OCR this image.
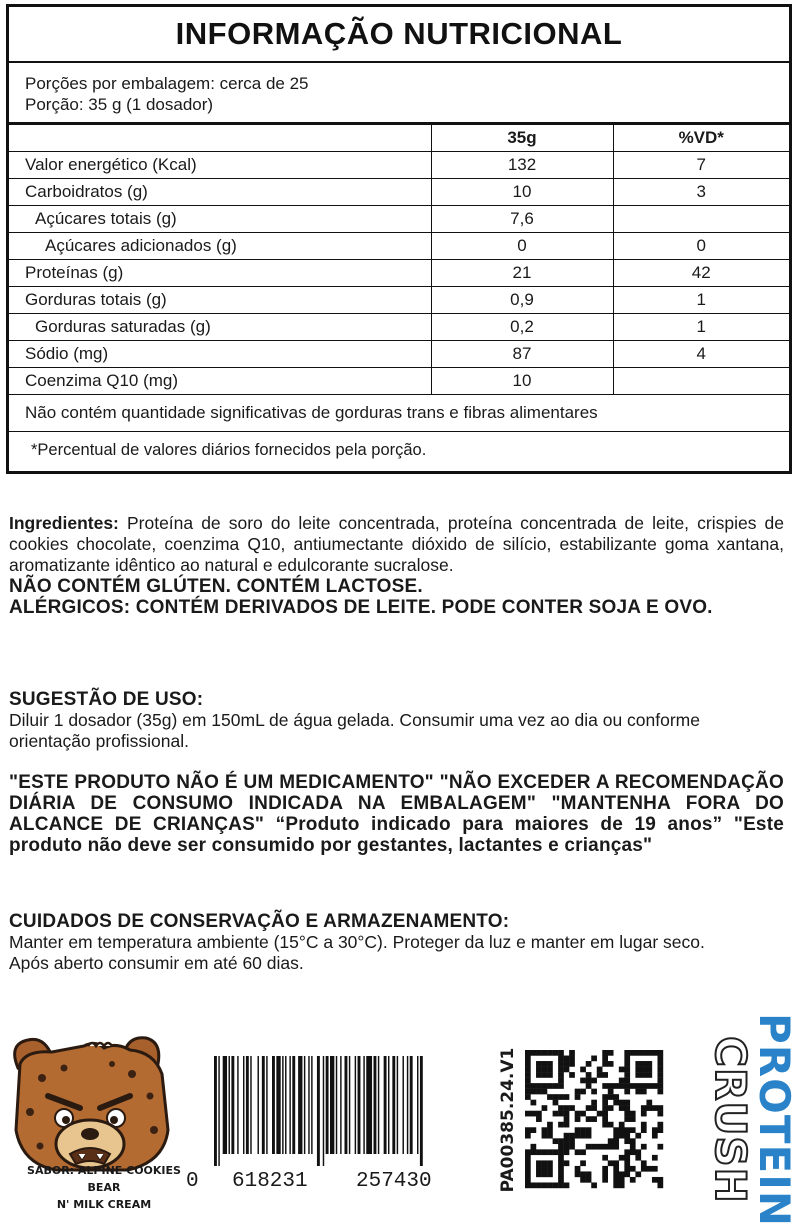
INFORMAÇÃO NUTRICIONAL
Porções por embalagem: cerca de 25
Porção: 35 g (1 dosador)
	35g	%VD*
Valor energético (Kcal)	132	7
Carboidratos (g)	10	3
Açúcares totais (g)	7,6	
Açúcares adicionados (g)	0	0
Proteínas (g)	21	42
Gorduras totais (g)	0,9	1
Gorduras saturadas (g)	0,2	1
Sódio (mg)	87	4
Coenzima Q10 (mg)	10	
Não contém quantidade significativas de gorduras trans e fibras alimentares		
*Percentual de valores diários fornecidos pela porção.

Ingredientes: Proteína de soro do leite concentrada, proteína concentrada de leite, crispies de cookies chocolate, coenzima Q10, antiumectante dióxido de silício, estabilizante goma xantana, aromatizante idêntico ao natural e edulcorante sucralose.

NÃO CONTÉM GLÚTEN. CONTÉM LACTOSE.

ALÉRGICOS: CONTÉM DERIVADOS DE LEITE. PODE CONTER SOJA E OVO.

SUGESTÃO DE USO:

Diluir 1 dosador (35g) em 150mL de água gelada. Consumir uma vez ao dia ou conforme orientação profissional.

"ESTE PRODUTO NÃO É UM MEDICAMENTO" "NÃO EXCEDER A RECOMENDAÇÃO DIÁRIA DE CONSUMO INDICADA NA EMBALAGEM" "MANTENHA FORA DO ALCANCE DE CRIANÇAS" “Produto indicado para maiores de 19 anos” "Este produto não deve ser consumido por gestantes, lactantes e crianças"

CUIDADOS DE CONSERVAÇÃO E ARMAZENAMENTO:

Manter em temperatura ambiente (15°C a 30°C). Proteger da luz e manter em lugar seco.

Após aberto consumir em até 60 dias.

SABOR: ALPINE COOKIES BEAR
N' MILK CREAM
0 618231 257430	PA00385.24.V1	PROTEIN
CRUSH
